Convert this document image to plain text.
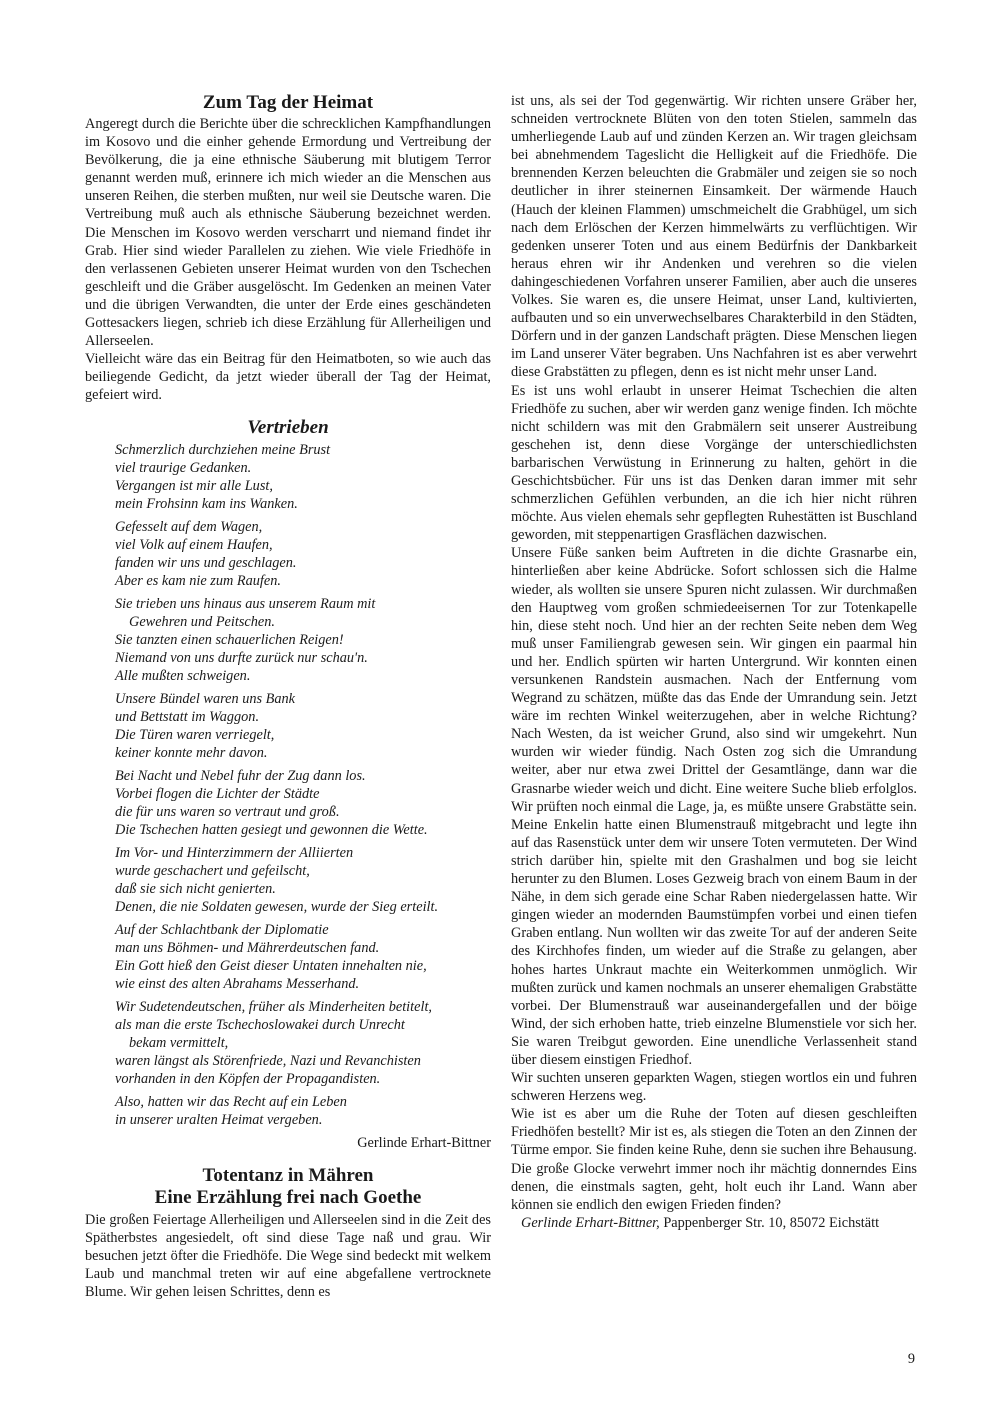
Zum Tag der Heimat

Angeregt durch die Berichte über die schrecklichen Kampfhandlungen im Kosovo und die einher gehende Ermordung und Vertreibung der Bevölkerung, die ja eine ethnische Säuberung mit blutigem Terror genannt werden muß, erinnere ich mich wieder an die Menschen aus unseren Reihen, die sterben mußten, nur weil sie Deutsche waren. Die Vertreibung muß auch als ethnische Säuberung bezeichnet werden. Die Menschen im Kosovo werden verscharrt und niemand findet ihr Grab. Hier sind wieder Parallelen zu ziehen. Wie viele Friedhöfe in den verlassenen Gebieten unserer Heimat wurden von den Tschechen geschleift und die Gräber ausgelöscht. Im Gedenken an meinen Vater und die übrigen Verwandten, die unter der Erde eines geschändeten Gottesackers liegen, schrieb ich diese Erzählung für Allerheiligen und Allerseelen.

Vielleicht wäre das ein Beitrag für den Heimatboten, so wie auch das beiliegende Gedicht, da jetzt wieder überall der Tag der Heimat, gefeiert wird.

Vertrieben
Schmerzlich durchziehen meine Brust
viel traurige Gedanken.
Vergangen ist mir alle Lust,
mein Frohsinn kam ins Wanken.
Gefesselt auf dem Wagen,
viel Volk auf einem Haufen,
fanden wir uns und geschlagen.
Aber es kam nie zum Raufen.
Sie trieben uns hinaus aus unserem Raum mit
Gewehren und Peitschen.
Sie tanzten einen schauerlichen Reigen!
Niemand von uns durfte zurück nur schau'n.
Alle mußten schweigen.
Unsere Bündel waren uns Bank
und Bettstatt im Waggon.
Die Türen waren verriegelt,
keiner konnte mehr davon.
Bei Nacht und Nebel fuhr der Zug dann los.
Vorbei flogen die Lichter der Städte
die für uns waren so vertraut und groß.
Die Tschechen hatten gesiegt und gewonnen die Wette.
Im Vor- und Hinterzimmern der Alliierten
wurde geschachert und gefeilscht,
daß sie sich nicht genierten.
Denen, die nie Soldaten gewesen, wurde der Sieg erteilt.
Auf der Schlachtbank der Diplomatie
man uns Böhmen- und Mährerdeutschen fand.
Ein Gott hieß den Geist dieser Untaten innehalten nie,
wie einst des alten Abrahams Messerhand.
Wir Sudetendeutschen, früher als Minderheiten betitelt,
als man die erste Tschechoslowakei durch Unrecht
bekam vermittelt,
waren längst als Störenfriede, Nazi und Revanchisten
vorhanden in den Köpfen der Propagandisten.
Also, hatten wir das Recht auf ein Leben
in unserer uralten Heimat vergeben.

Gerlinde Erhart-Bittner

Totentanz in Mähren
Eine Erzählung frei nach Goethe

Die großen Feiertage Allerheiligen und Allerseelen sind in die Zeit des Spätherbstes angesiedelt, oft sind diese Tage naß und grau. Wir besuchen jetzt öfter die Friedhöfe. Die Wege sind bedeckt mit welkem Laub und manchmal treten wir auf eine abgefallene vertrocknete Blume. Wir gehen leisen Schrittes, denn es

ist uns, als sei der Tod gegenwärtig. Wir richten unsere Gräber her, schneiden vertrocknete Blüten von den toten Stielen, sammeln das umherliegende Laub auf und zünden Kerzen an. Wir tragen gleichsam bei abnehmendem Tageslicht die Helligkeit auf die Friedhöfe. Die brennenden Kerzen beleuchten die Grabmäler und zeigen sie so noch deutlicher in ihrer steinernen Einsamkeit. Der wärmende Hauch (Hauch der kleinen Flammen) umschmeichelt die Grabhügel, um sich nach dem Erlöschen der Kerzen himmelwärts zu verflüchtigen. Wir gedenken unserer Toten und aus einem Bedürfnis der Dankbarkeit heraus ehren wir ihr Andenken und verehren so die vielen dahingeschiedenen Vorfahren unserer Familien, aber auch die unseres Volkes. Sie waren es, die unsere Heimat, unser Land, kultivierten, aufbauten und so ein unverwechselbares Charakterbild in den Städten, Dörfern und in der ganzen Landschaft prägten. Diese Menschen liegen im Land unserer Väter begraben. Uns Nachfahren ist es aber verwehrt diese Grabstätten zu pflegen, denn es ist nicht mehr unser Land.

Es ist uns wohl erlaubt in unserer Heimat Tschechien die alten Friedhöfe zu suchen, aber wir werden ganz wenige finden. Ich möchte nicht schildern was mit den Grabmälern seit unserer Austreibung geschehen ist, denn diese Vorgänge der unterschiedlichsten barbarischen Verwüstung in Erinnerung zu halten, gehört in die Geschichtsbücher. Für uns ist das Denken daran immer mit sehr schmerzlichen Gefühlen verbunden, an die ich hier nicht rühren möchte. Aus vielen ehemals sehr gepflegten Ruhestätten ist Buschland geworden, mit steppenartigen Grasflächen dazwischen.

Unsere Füße sanken beim Auftreten in die dichte Grasnarbe ein, hinterließen aber keine Abdrücke. Sofort schlossen sich die Halme wieder, als wollten sie unsere Spuren nicht zulassen. Wir durchmaßen den Hauptweg vom großen schmiedeeisernen Tor zur Totenkapelle hin, diese steht noch. Und hier an der rechten Seite neben dem Weg muß unser Familiengrab gewesen sein. Wir gingen ein paarmal hin und her. Endlich spürten wir harten Untergrund. Wir konnten einen versunkenen Randstein ausmachen. Nach der Entfernung vom Wegrand zu schätzen, müßte das das Ende der Umrandung sein. Jetzt wäre im rechten Winkel weiterzugehen, aber in welche Richtung? Nach Westen, da ist weicher Grund, also sind wir umgekehrt. Nun wurden wir wieder fündig. Nach Osten zog sich die Umrandung weiter, aber nur etwa zwei Drittel der Gesamtlänge, dann war die Grasnarbe wieder weich und dicht. Eine weitere Suche blieb erfolglos. Wir prüften noch einmal die Lage, ja, es müßte unsere Grabstätte sein. Meine Enkelin hatte einen Blumenstrauß mitgebracht und legte ihn auf das Rasenstück unter dem wir unsere Toten vermuteten. Der Wind strich darüber hin, spielte mit den Grashalmen und bog sie leicht herunter zu den Blumen. Loses Gezweig brach von einem Baum in der Nähe, in dem sich gerade eine Schar Raben niedergelassen hatte. Wir gingen wieder an modernden Baumstümpfen vorbei und einen tiefen Graben entlang. Nun wollten wir das zweite Tor auf der anderen Seite des Kirchhofes finden, um wieder auf die Straße zu gelangen, aber hohes hartes Unkraut machte ein Weiterkommen unmöglich. Wir mußten zurück und kamen nochmals an unserer ehemaligen Grabstätte vorbei. Der Blumenstrauß war auseinandergefallen und der böige Wind, der sich erhoben hatte, trieb einzelne Blumenstiele vor sich her. Sie waren Treibgut geworden. Eine unendliche Verlassenheit stand über diesem einstigen Friedhof.

Wir suchten unseren geparkten Wagen, stiegen wortlos ein und fuhren schweren Herzens weg.

Wie ist es aber um die Ruhe der Toten auf diesen geschleiften Friedhöfen bestellt? Mir ist es, als stiegen die Toten an den Zinnen der Türme empor. Sie finden keine Ruhe, denn sie suchen ihre Behausung. Die große Glocke verwehrt immer noch ihr mächtig donnerndes Eins denen, die einstmals sagten, geht, holt euch ihr Land. Wann aber können sie endlich den ewigen Frieden finden?

Gerlinde Erhart-Bittner, Pappenberger Str. 10, 85072 Eichstätt
9
